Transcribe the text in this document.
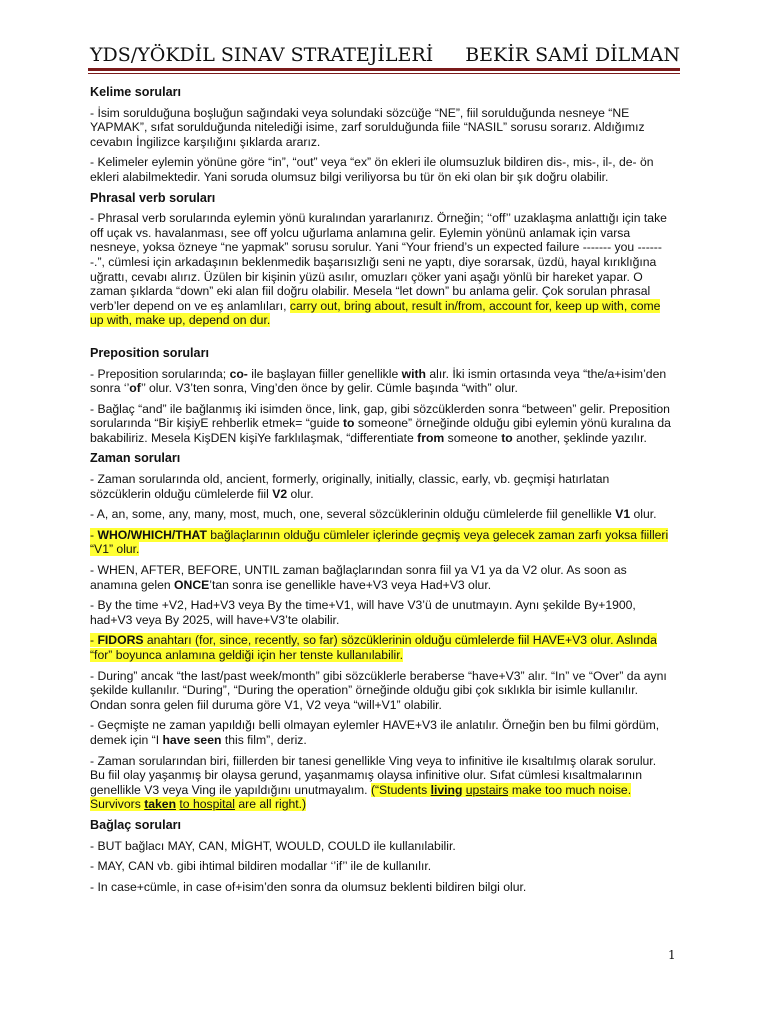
YDS/YÖKDİL SINAV STRATEJİLERİ BEKİR SAMİ DİLMAN
Kelime soruları

- İsim sorulduğuna boşluğun sağındaki veya solundaki sözcüğe “NE”, fiil sorulduğunda nesneye “NE YAPMAK”, sıfat sorulduğunda nitelediği isime, zarf sorulduğunda fiile “NASIL” sorusu sorarız. Aldığımız cevabın İngilizce karşılığını şıklarda ararız.

- Kelimeler eylemin yönüne göre “in”, “out” veya “ex” ön ekleri ile olumsuzluk bildiren dis-, mis-, il-, de- ön ekleri alabilmektedir. Yani soruda olumsuz bilgi veriliyorsa bu tür ön eki olan bir şık doğru olabilir.

Phrasal verb soruları

- Phrasal verb sorularında eylemin yönü kuralından yararlanırız. Örneğin; ‘‘off’’ uzaklaşma anlattığı için take off uçak vs. havalanması, see off yolcu uğurlama anlamına gelir. Eylemin yönünü anlamak için varsa nesneye, yoksa özneye “ne yapmak” sorusu sorulur. Yani “Your friend’s un expected failure ------- you -------.”, cümlesi için arkadaşının beklenmedik başarısızlığı seni ne yaptı, diye sorarsak, üzdü, hayal kırıklığına uğrattı, cevabı alırız. Üzülen bir kişinin yüzü asılır, omuzları çöker yani aşağı yönlü bir hareket yapar. O zaman şıklarda “down” eki alan fiil doğru olabilir. Mesela “let down” bu anlama gelir. Çok sorulan phrasal verb’ler depend on ve eş anlamlıları, carry out, bring about, result in/from, account for, keep up with, come up with, make up, depend on dur.

Preposition soruları

- Preposition sorularında; co- ile başlayan fiiller genellikle with alır. İki ismin ortasında veya “the/a+isim’den sonra ‘’of’’ olur. V3’ten sonra, Ving’den önce by gelir. Cümle başında “with” olur.

- Bağlaç “and” ile bağlanmış iki isimden önce, link, gap, gibi sözcüklerden sonra “between” gelir. Preposition sorularında “Bir kişiyE rehberlik etmek= “guide to someone” örneğinde olduğu gibi eylemin yönü kuralına da bakabiliriz. Mesela KişDEN kişiYe farklılaşmak, “differentiate from someone to another, şeklinde yazılır.

Zaman soruları

- Zaman sorularında old, ancient, formerly, originally, initially, classic, early, vb. geçmişi hatırlatan sözcüklerin olduğu cümlelerde fiil V2 olur.

- A, an, some, any, many, most, much, one, several sözcüklerinin olduğu cümlelerde fiil genellikle V1 olur.

- WHO/WHICH/THAT bağlaçlarının olduğu cümleler içlerinde geçmiş veya gelecek zaman zarfı yoksa fiilleri “V1” olur.

- WHEN, AFTER, BEFORE, UNTIL zaman bağlaçlarından sonra fiil ya V1 ya da V2 olur. As soon as anamına gelen ONCE’tan sonra ise genellikle have+V3 veya Had+V3 olur.

- By the time +V2, Had+V3 veya By the time+V1, will have V3’ü de unutmayın. Aynı şekilde By+1900, had+V3 veya By 2025, will have+V3’te olabilir.

- FIDORS anahtarı (for, since, recently, so far) sözcüklerinin olduğu cümlelerde fiil HAVE+V3 olur. Aslında “for” boyunca anlamına geldiği için her tenste kullanılabilir.

- During” ancak “the last/past week/month” gibi sözcüklerle beraberse “have+V3” alır. “In” ve “Over” da aynı şekilde kullanılır. “During”, “During the operation” örneğinde olduğu gibi çok sıklıkla bir isimle kullanılır. Ondan sonra gelen fiil duruma göre V1, V2 veya “will+V1” olabilir.

- Geçmişte ne zaman yapıldığı belli olmayan eylemler HAVE+V3 ile anlatılır. Örneğin ben bu filmi gördüm, demek için “I have seen this film”, deriz.

- Zaman sorularından biri, fiillerden bir tanesi genellikle Ving veya to infinitive ile kısaltılmış olarak sorulur. Bu fiil olay yaşanmış bir olaysa gerund, yaşanmamış olaysa infinitive olur. Sıfat cümlesi kısaltmalarının genellikle V3 veya Ving ile yapıldığını unutmayalım. (“Students living upstairs make too much noise. Survivors taken to hospital are all right.)

Bağlaç soruları

- BUT bağlacı MAY, CAN, MİGHT, WOULD, COULD ile kullanılabilir.

- MAY, CAN vb. gibi ihtimal bildiren modallar ‘’if’’ ile de kullanılır.

- In case+cümle, in case of+isim’den sonra da olumsuz beklenti bildiren bilgi olur.

1
